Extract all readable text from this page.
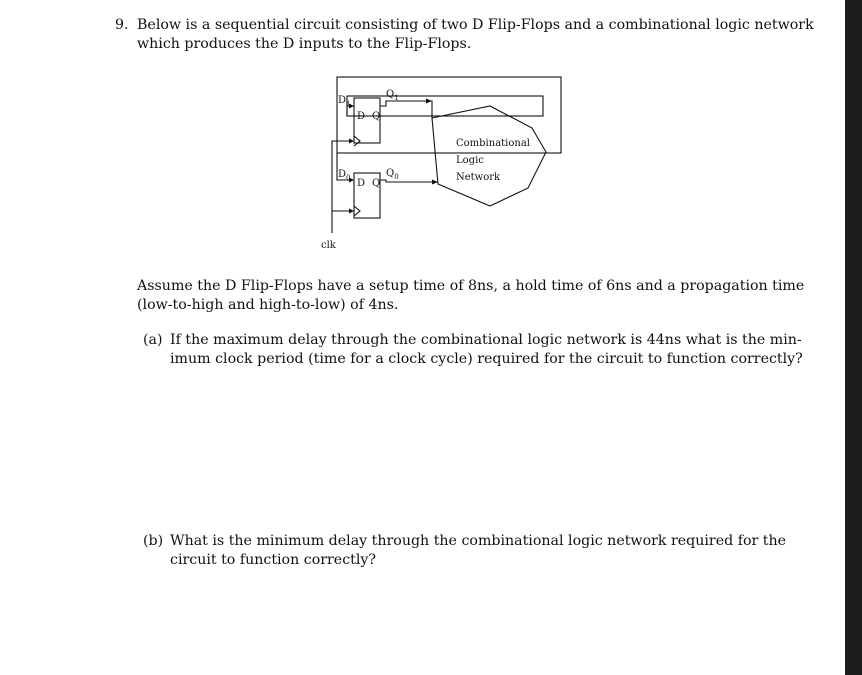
9. Below is a sequential circuit consisting of two D Flip-Flops and a combinational logic network
which produces the D inputs to the Flip-Flops.
$D_1$
D Q
$Q_1$
$D_0$ D Q
$Q_0$
Combinational
Logic
Network
clk
Assume the D Flip-Flops have a setup time of 8ns, a hold time of 6ns and a propagation time
(low-to-high and high-to-low) of 4ns.
(a) If the maximum delay through the combinational logic network is 44ns what is the min-
imum clock period (time for a clock cycle) required for the circuit to function correctly?
(b) What is the minimum delay through the combinational logic network required for the
circuit to function correctly?
